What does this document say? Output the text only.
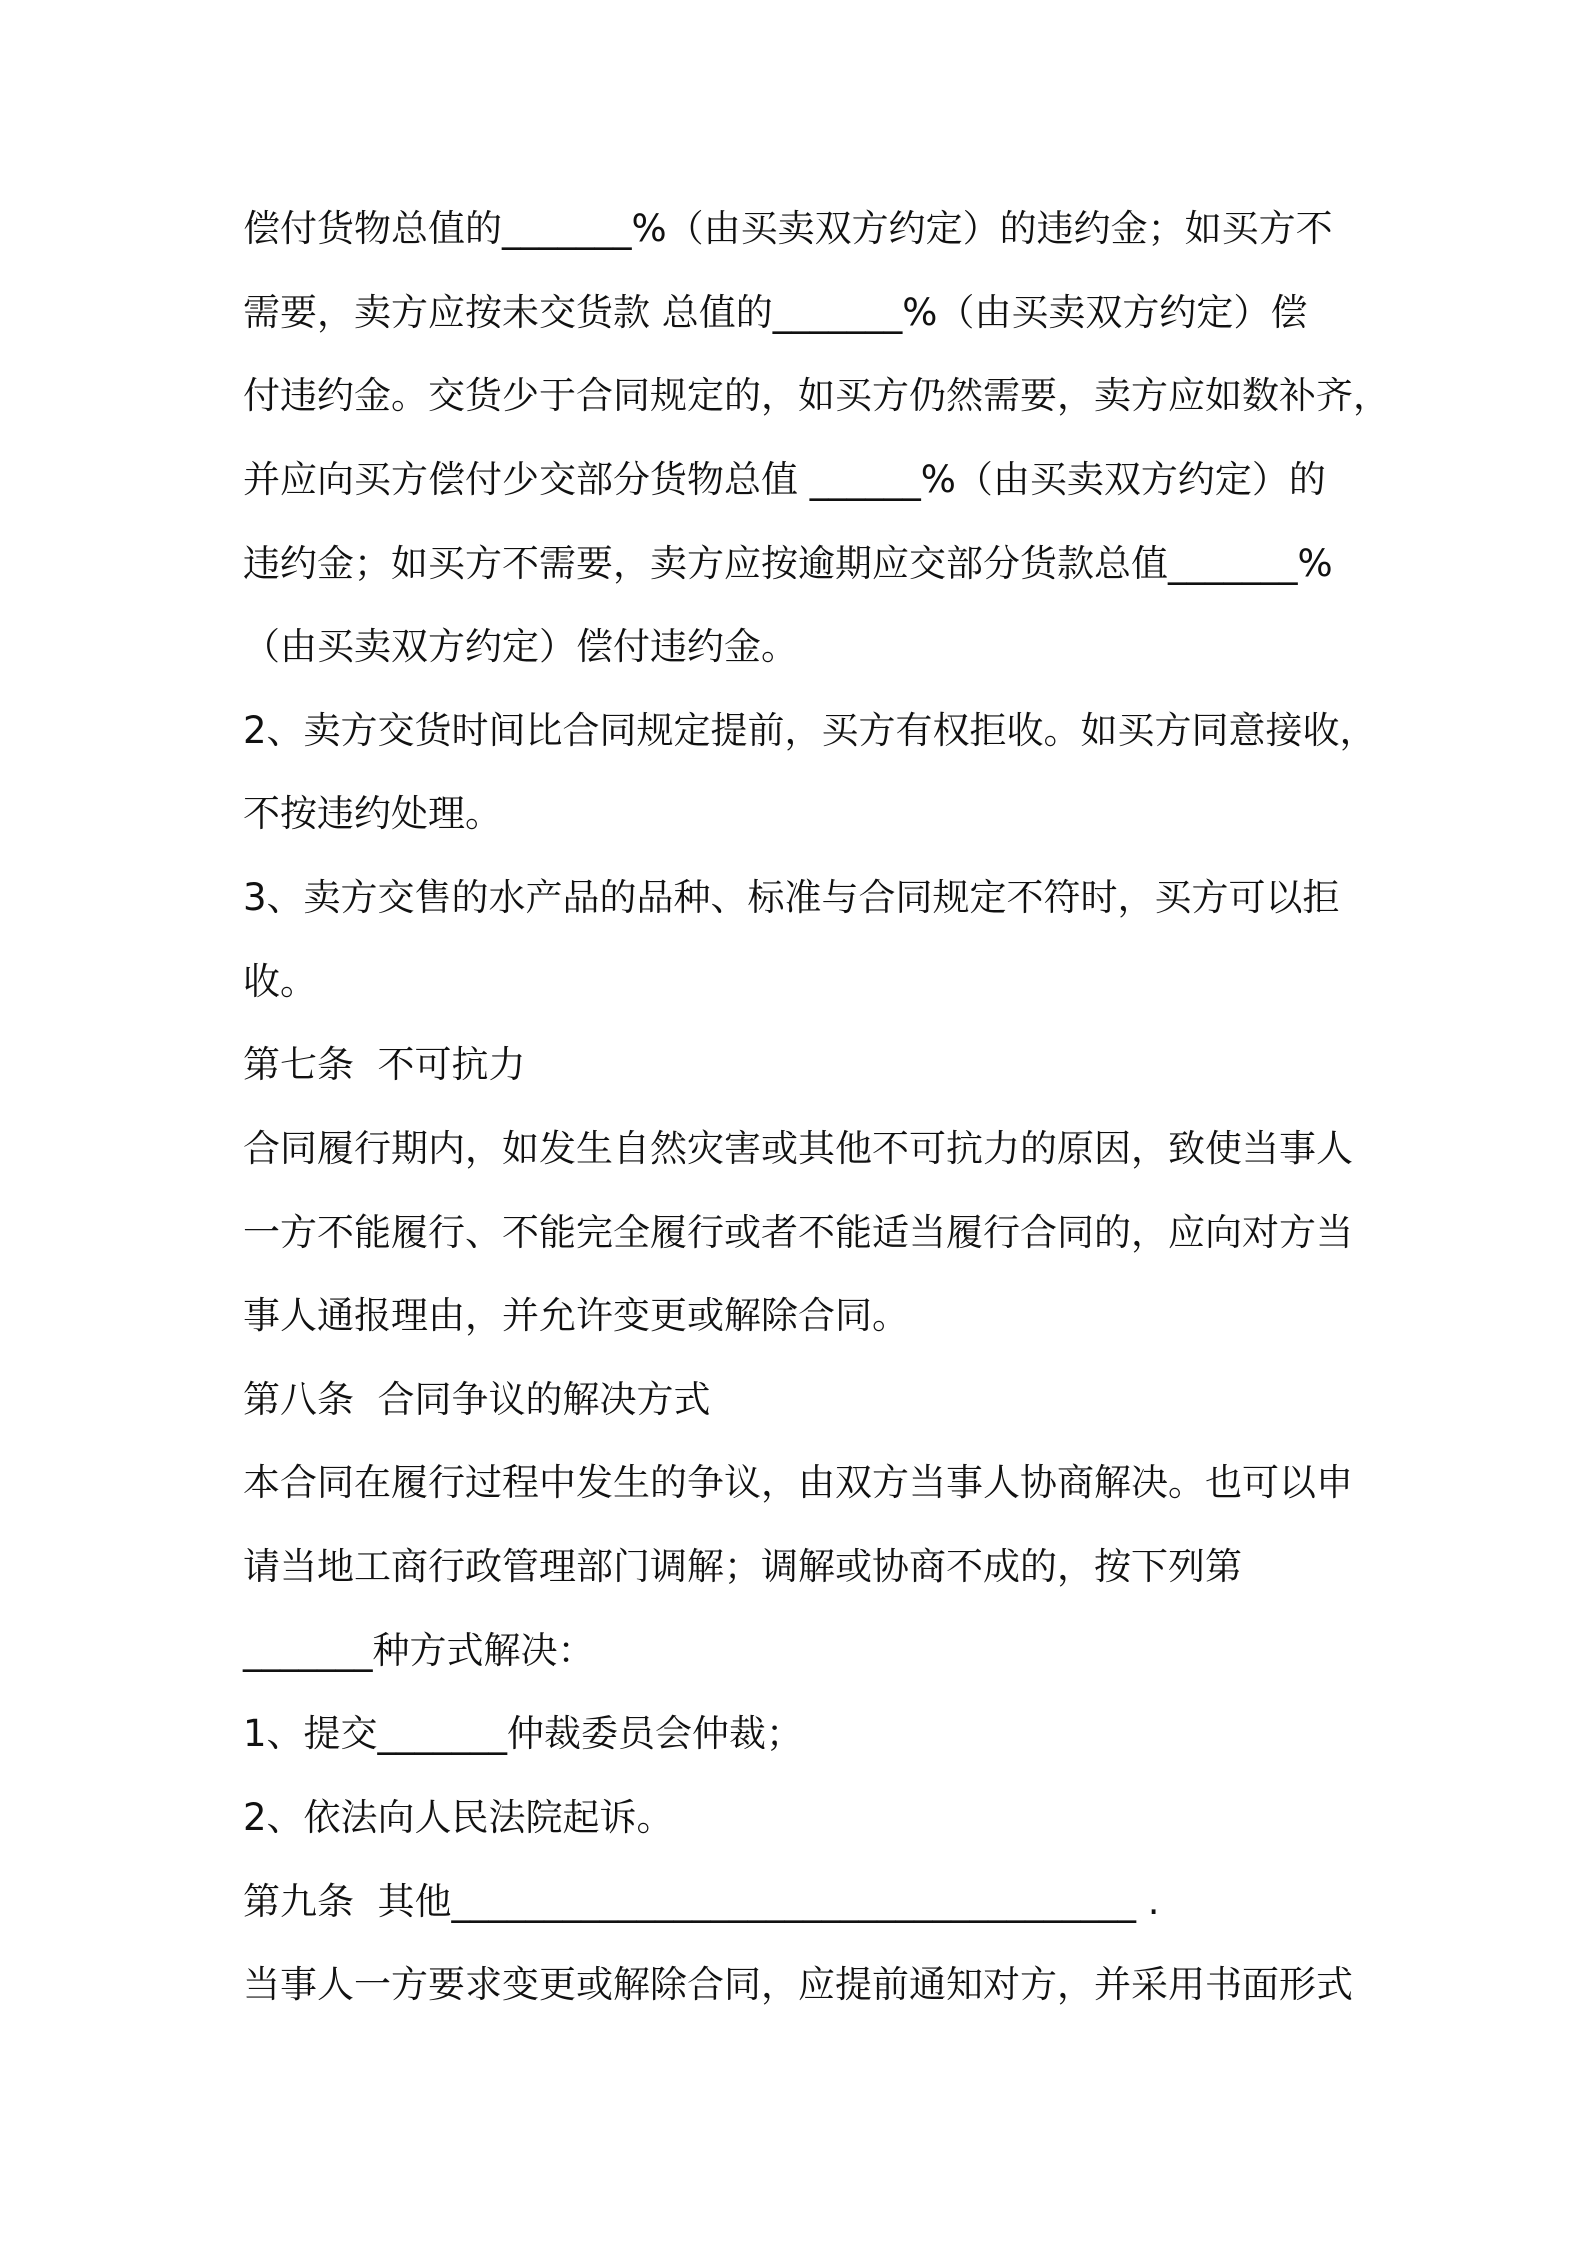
偿付货物总值的_______%（由买卖双方约定）的违约金；如买方不
需要，卖方应按未交货款 总值的_______%（由买卖双方约定）偿
付违约金。交货少于合同规定的，如买方仍然需要，卖方应如数补齐，
并应向买方偿付少交部分货物总值 ______%（由买卖双方约定）的
违约金；如买方不需要，卖方应按逾期应交部分货款总值_______%
（由买卖双方约定）偿付违约金。
2、卖方交货时间比合同规定提前，买方有权拒收。如买方同意接收，
不按违约处理。
3、卖方交售的水产品的品种、标准与合同规定不符时，买方可以拒
收。
第七条  不可抗力
合同履行期内，如发生自然灾害或其他不可抗力的原因，致使当事人
一方不能履行、不能完全履行或者不能适当履行合同的，应向对方当
事人通报理由，并允许变更或解除合同。
第八条  合同争议的解决方式
本合同在履行过程中发生的争议，由双方当事人协商解决。也可以申
请当地工商行政管理部门调解；调解或协商不成的，按下列第
_______种方式解决：
1、提交_______仲裁委员会仲裁；
2、依法向人民法院起诉。
第九条  其他_____________________________________ .
当事人一方要求变更或解除合同，应提前通知对方，并采用书面形式
